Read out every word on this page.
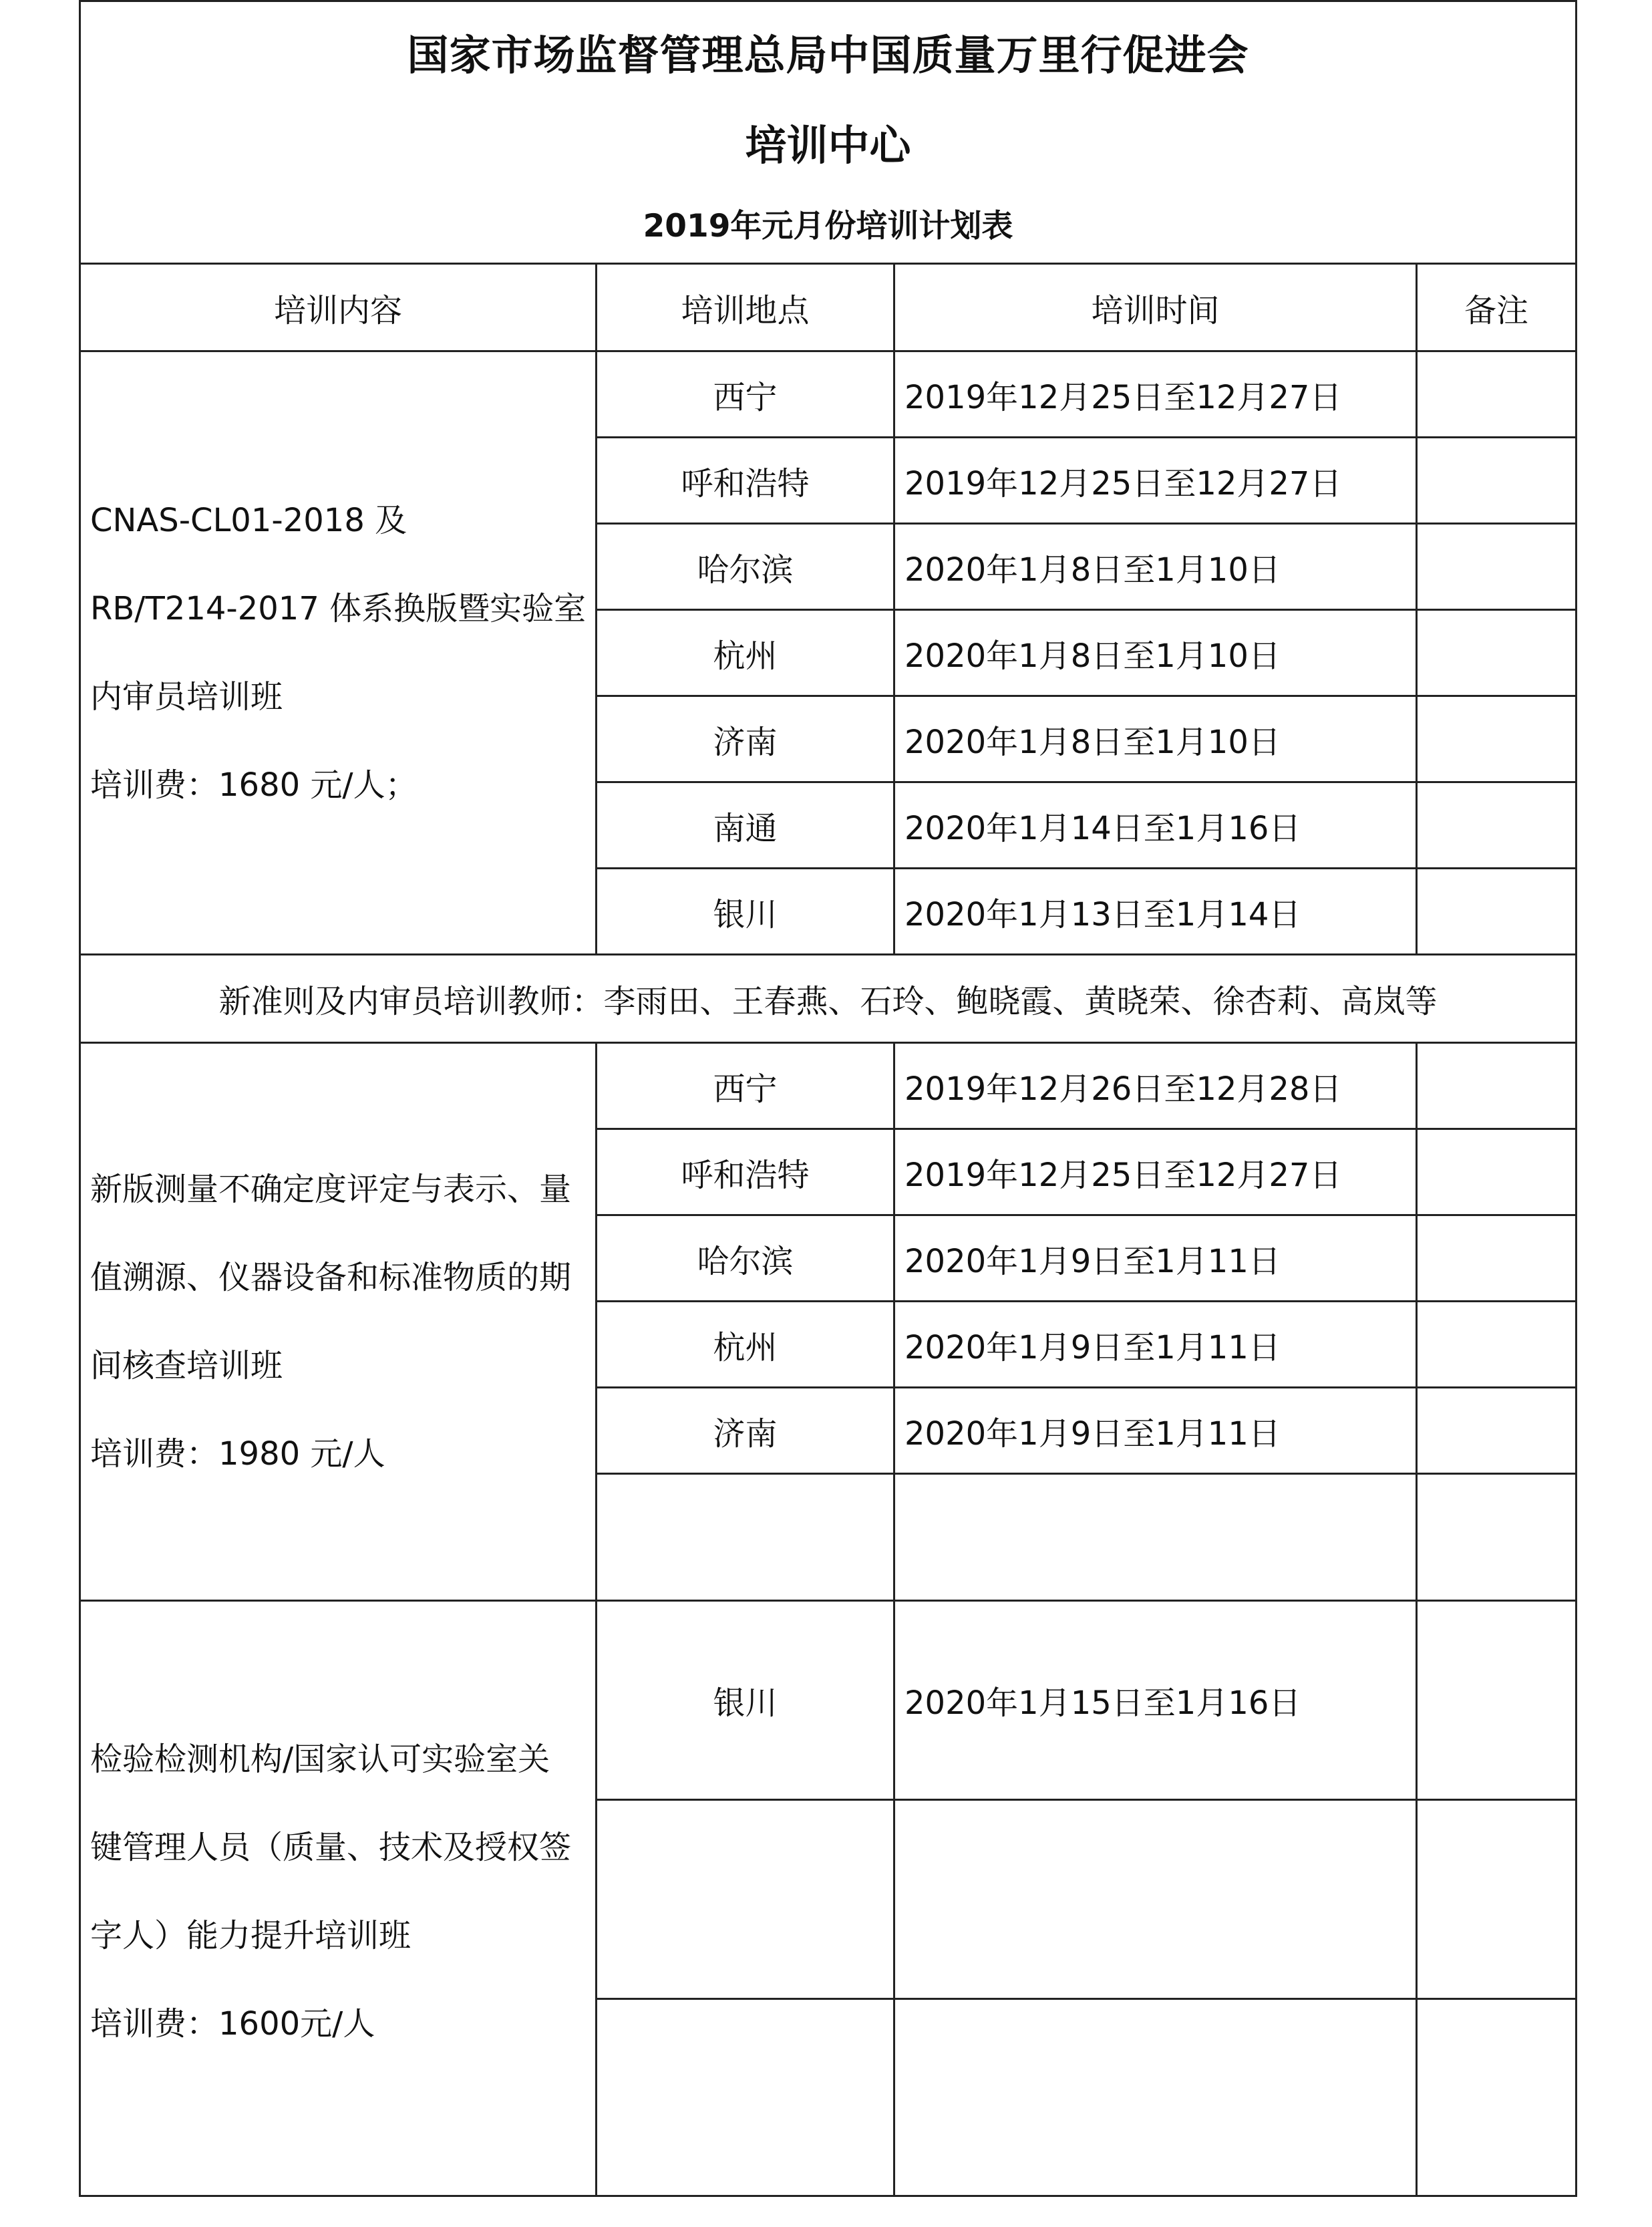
国家市场监督管理总局中国质量万里行促进会
培训中心
2019年元月份培训计划表			

培训内容	培训地点	培训时间	备注

CNAS-CL01-2018 及
RB/T214-2017 体系换版暨实验室
内审员培训班
培训费：1680 元/人；	西宁	2019年12月25日至12月27日	
	呼和浩特	2019年12月25日至12月27日	
	哈尔滨	2020年1月8日至1月10日	
	杭州	2020年1月8日至1月10日	
	济南	2020年1月8日至1月10日	
	南通	2020年1月14日至1月16日	
	银川	2020年1月13日至1月14日	
新准则及内审员培训教师：李雨田、王春燕、石玲、鲍晓霞、黄晓荣、徐杏莉、高岚等			

新版测量不确定度评定与表示、量
值溯源、仪器设备和标准物质的期
间核查培训班
培训费：1980 元/人	西宁	2019年12月26日至12月28日	
	呼和浩特	2019年12月25日至12月27日	
	哈尔滨	2020年1月9日至1月11日	
	杭州	2020年1月9日至1月11日	
	济南	2020年1月9日至1月11日	

检验检测机构/国家认可实验室关
键管理人员（质量、技术及授权签
字人）能力提升培训班
培训费：1600元/人	银川	2020年1月15日至1月16日	
